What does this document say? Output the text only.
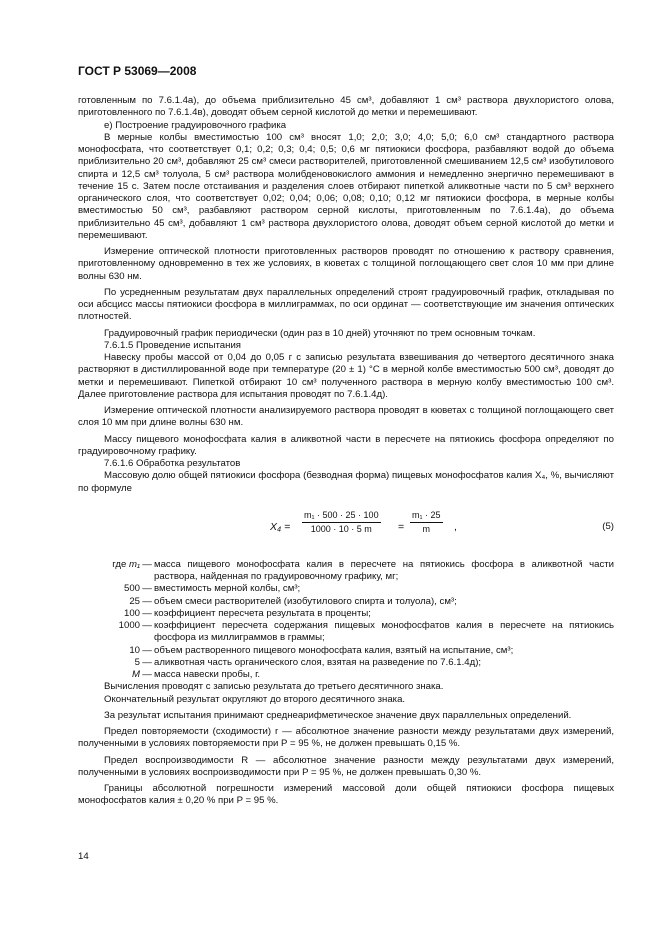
ГОСТ Р 53069—2008

готовленным по 7.6.1.4а), до объема приблизительно 45 см³, добавляют 1 см³ раствора двухлористого олова, приготовленного по 7.6.1.4в), доводят объем серной кислотой до метки и перемешивают.

е) Построение градуировочного графика

В мерные колбы вместимостью 100 см³ вносят 1,0; 2,0; 3,0; 4,0; 5,0; 6,0 см³ стандартного раствора монофосфата, что соответствует 0,1; 0,2; 0,3; 0,4; 0,5; 0,6 мг пятиокиси фосфора, разбавляют водой до объема приблизительно 20 см³, добавляют 25 см³ смеси растворителей, приготовленной смешиванием 12,5 см³ изобутилового спирта и 12,5 см³ толуола, 5 см³ раствора молибденовокислого аммония и немедленно энергично перемешивают в течение 15 с. Затем после отстаивания и разделения слоев отбирают пипеткой аликвотные части по 5 см³ верхнего органического слоя, что соответствует 0,02; 0,04; 0,06; 0,08; 0,10; 0,12 мг пятиокиси фосфора, в мерные колбы вместимостью 50 см³, разбавляют раствором серной кислоты, приготовленным по 7.6.1.4а), до объема приблизительно 45 см³, добавляют 1 см³ раствора двухлористого олова, доводят объем серной кислотой до метки и перемешивают.

Измерение оптической плотности приготовленных растворов проводят по отношению к раствору сравнения, приготовленному одновременно в тех же условиях, в кюветах с толщиной поглощающего свет слоя 10 мм при длине волны 630 нм.

По усредненным результатам двух параллельных определений строят градуировочный график, откладывая по оси абсцисс массы пятиокиси фосфора в миллиграммах, по оси ординат — соответствующие им значения оптических плотностей.

Градуировочный график периодически (один раз в 10 дней) уточняют по трем основным точкам.

7.6.1.5 Проведение испытания

Навеску пробы массой от 0,04 до 0,05 г с записью результата взвешивания до четвертого десятичного знака растворяют в дистиллированной воде при температуре (20 ± 1) °С в мерной колбе вместимостью 500 см³, доводят до метки и перемешивают. Пипеткой отбирают 10 см³ полученного раствора в мерную колбу вместимостью 100 см³. Далее приготовление раствора для испытания проводят по 7.6.1.4д).

Измерение оптической плотности анализируемого раствора проводят в кюветах с толщиной поглощающего свет слоя 10 мм при длине волны 630 нм.

Массу пищевого монофосфата калия в аликвотной части в пересчете на пятиокись фосфора определяют по градуировочному графику.

7.6.1.6 Обработка результатов

Массовую долю общей пятиокиси фосфора (безводная форма) пищевых монофосфатов калия X₄, %, вычисляют по формуле

$X_4 = \frac{\text{m₁ · 500 · 25 · 100}}{1000 \cdot 10 \cdot 5 m} = \frac{\text{m₁ · 25}}{m}$ ,	(5)
где m₁ — масса пищевого монофосфата калия в пересчете на пятиокись фосфора в аликвотной части раствора, найденная по градуировочному графику, мг;
500 — вместимость мерной колбы, см³;
25 — объем смеси растворителей (изобутилового спирта и толуола), см³;
100 — коэффициент пересчета результата в проценты;
1000 — коэффициент пересчета содержания пищевых монофосфатов калия в пересчете на пятиокись фосфора из миллиграммов в граммы;
10 — объем растворенного пищевого монофосфата калия, взятый на испытание, см³;
5 — аликвотная часть органического слоя, взятая на разведение по 7.6.1.4д);
M — масса навески пробы, г.

Вычисления проводят с записью результата до третьего десятичного знака.

Окончательный результат округляют до второго десятичного знака.

За результат испытания принимают среднеарифметическое значение двух параллельных определений.

Предел повторяемости (сходимости) r — абсолютное значение разности между результатами двух измерений, полученными в условиях повторяемости при P = 95 %, не должен превышать 0,15 %.

Предел воспроизводимости R — абсолютное значение разности между результатами двух измерений, полученными в условиях воспроизводимости при P = 95 %, не должен превышать 0,30 %.

Границы абсолютной погрешности измерений массовой доли общей пятиокиси фосфора пищевых монофосфатов калия ± 0,20 % при P = 95 %.

14
